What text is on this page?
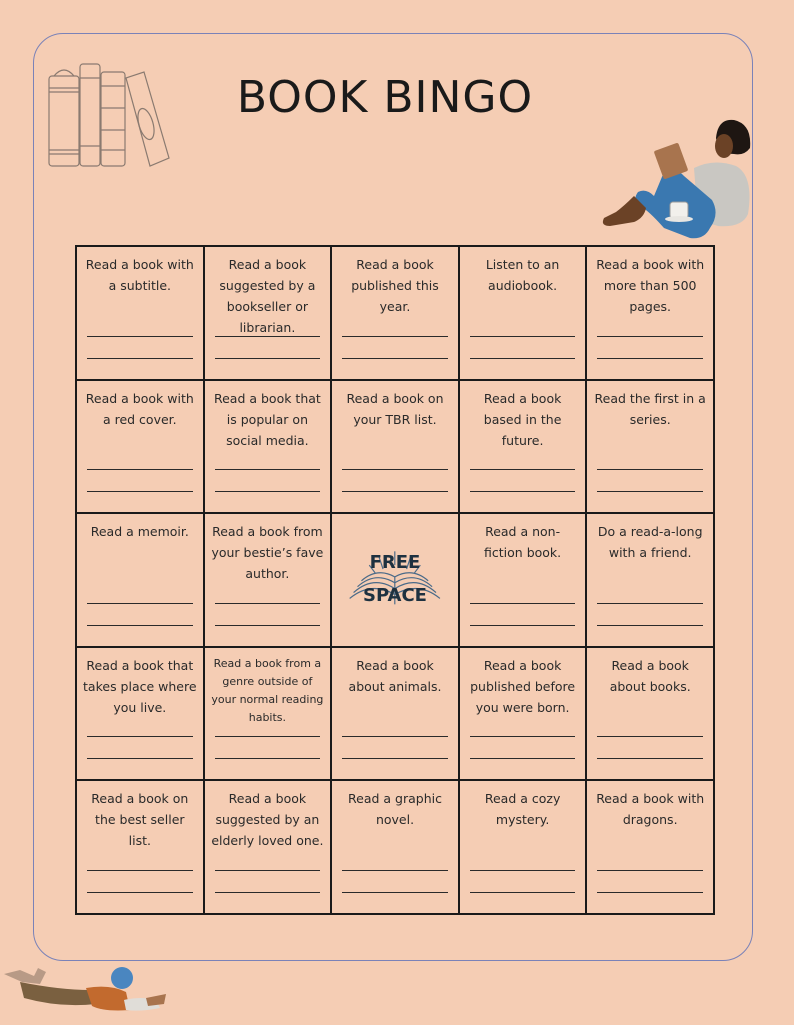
BOOK BINGO
Read a book with a subtitle.
Read a book suggested by a bookseller or librarian.
Read a book published this year.
Listen to an audiobook.
Read a book with more than 500 pages.
Read a book with a red cover.
Read a book that is popular on social media.
Read a book on your TBR list.
Read a book based in the future.
Read the first in a series.
Read a memoir.	Read a book from your bestie’s fave author.
FREE
SPACE
Read a non-fiction book.
Do a read-a-long with a friend.
Read a book that takes place where you live.
Read a book from a genre outside of your normal reading habits.
Read a book about animals.
Read a book published before you were born.
Read a book about books.
Read a book on the best seller list.
Read a book suggested by an elderly loved one.
Read a graphic novel.
Read a cozy mystery.
Read a book with dragons.
